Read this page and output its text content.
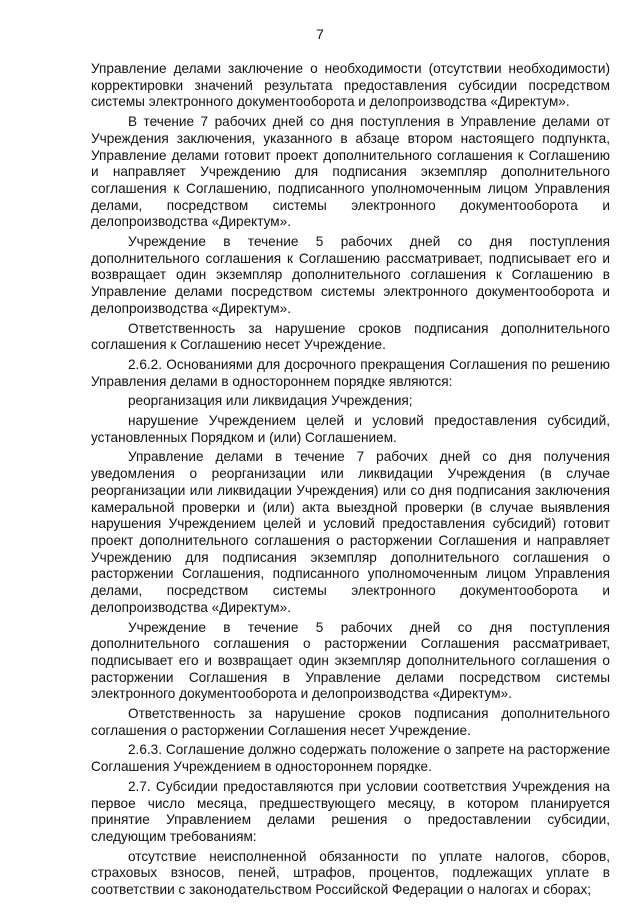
7

Управление делами заключение о необходимости (отсутствии необходимости) корректировки значений результата предоставления субсидии посредством системы электронного документооборота и делопроизводства «Директум».

В течение 7 рабочих дней со дня поступления в Управление делами от Учреждения заключения, указанного в абзаце втором настоящего подпункта, Управление делами готовит проект дополнительного соглашения к Соглашению и направляет Учреждению для подписания экземпляр дополнительного соглашения к Соглашению, подписанного уполномоченным лицом Управления делами, посредством системы электронного документооборота и делопроизводства «Директум».

Учреждение в течение 5 рабочих дней со дня поступления дополнительного соглашения к Соглашению рассматривает, подписывает его и возвращает один экземпляр дополнительного соглашения к Соглашению в Управление делами посредством системы электронного документооборота и делопроизводства «Директум».

Ответственность за нарушение сроков подписания дополнительного соглашения к Соглашению несет Учреждение.

2.6.2. Основаниями для досрочного прекращения Соглашения по решению Управления делами в одностороннем порядке являются:

реорганизация или ликвидация Учреждения;

нарушение Учреждением целей и условий предоставления субсидий, установленных Порядком и (или) Соглашением.

Управление делами в течение 7 рабочих дней со дня получения уведомления о реорганизации или ликвидации Учреждения (в случае реорганизации или ликвидации Учреждения) или со дня подписания заключения камеральной проверки и (или) акта выездной проверки (в случае выявления нарушения Учреждением целей и условий предоставления субсидий) готовит проект дополнительного соглашения о расторжении Соглашения и направляет Учреждению для подписания экземпляр дополнительного соглашения о расторжении Соглашения, подписанного уполномоченным лицом Управления делами, посредством системы электронного документооборота и делопроизводства «Директум».

Учреждение в течение 5 рабочих дней со дня поступления дополнительного соглашения о расторжении Соглашения рассматривает, подписывает его и возвращает один экземпляр дополнительного соглашения о расторжении Соглашения в Управление делами посредством системы электронного документооборота и делопроизводства «Директум».

Ответственность за нарушение сроков подписания дополнительного соглашения о расторжении Соглашения несет Учреждение.

2.6.3. Соглашение должно содержать положение о запрете на расторжение Соглашения Учреждением в одностороннем порядке.

2.7. Субсидии предоставляются при условии соответствия Учреждения на первое число месяца, предшествующего месяцу, в котором планируется принятие Управлением делами решения о предоставлении субсидии, следующим требованиям:

отсутствие неисполненной обязанности по уплате налогов, сборов, страховых взносов, пеней, штрафов, процентов, подлежащих уплате в соответствии с законодательством Российской Федерации о налогах и сборах;
